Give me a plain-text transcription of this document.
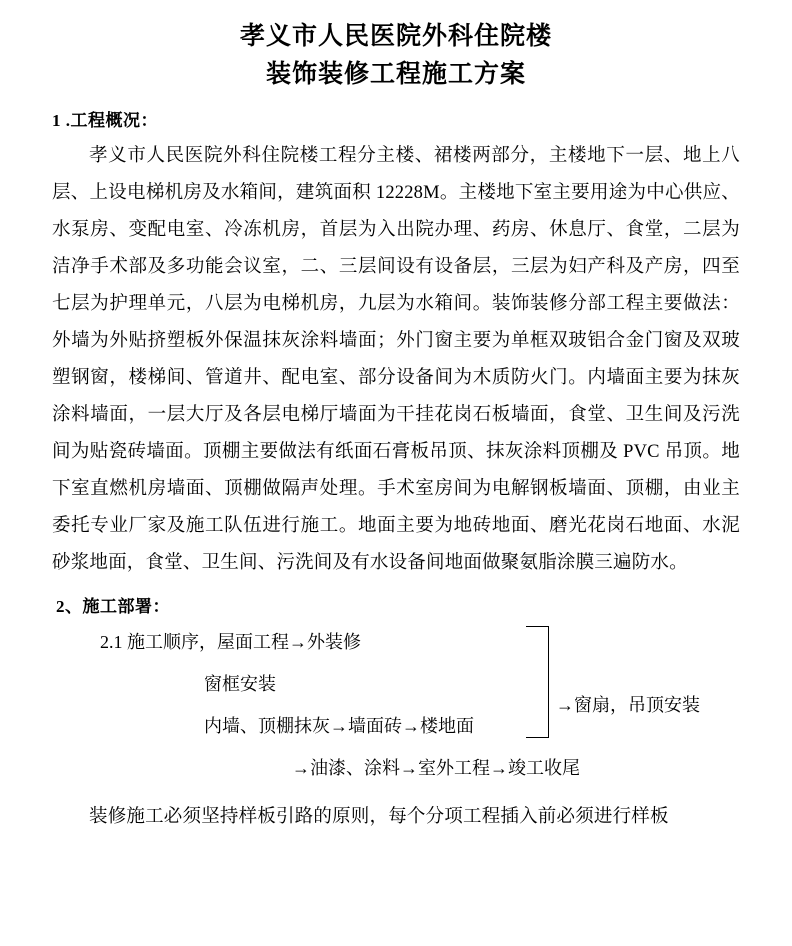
孝义市人民医院外科住院楼
装饰装修工程施工方案
1 .工程概况：

孝义市人民医院外科住院楼工程分主楼、裙楼两部分，主楼地下一层、地上八层、上设电梯机房及水箱间，建筑面积 12228M。主楼地下室主要用途为中心供应、水泵房、变配电室、冷冻机房，首层为入出院办理、药房、休息厅、食堂，二层为洁净手术部及多功能会议室，二、三层间设有设备层，三层为妇产科及产房，四至七层为护理单元，八层为电梯机房，九层为水箱间。装饰装修分部工程主要做法：外墙为外贴挤塑板外保温抹灰涂料墙面；外门窗主要为单框双玻铝合金门窗及双玻塑钢窗，楼梯间、管道井、配电室、部分设备间为木质防火门。内墙面主要为抹灰涂料墙面，一层大厅及各层电梯厅墙面为干挂花岗石板墙面，食堂、卫生间及污洗间为贴瓷砖墙面。顶棚主要做法有纸面石膏板吊顶、抹灰涂料顶棚及 PVC 吊顶。地下室直燃机房墙面、顶棚做隔声处理。手术室房间为电解钢板墙面、顶棚，由业主委托专业厂家及施工队伍进行施工。地面主要为地砖地面、磨光花岗石地面、水泥砂浆地面，食堂、卫生间、污洗间及有水设备间地面做聚氨脂涂膜三遍防水。

2、施工部署：
2.1 施工顺序，屋面工程→外装修
窗框安装
内墙、顶棚抹灰→墙面砖→楼地面
→窗扇，吊顶安装
→油漆、涂料→室外工程→竣工收尾

装修施工必须坚持样板引路的原则，每个分项工程插入前必须进行样板
